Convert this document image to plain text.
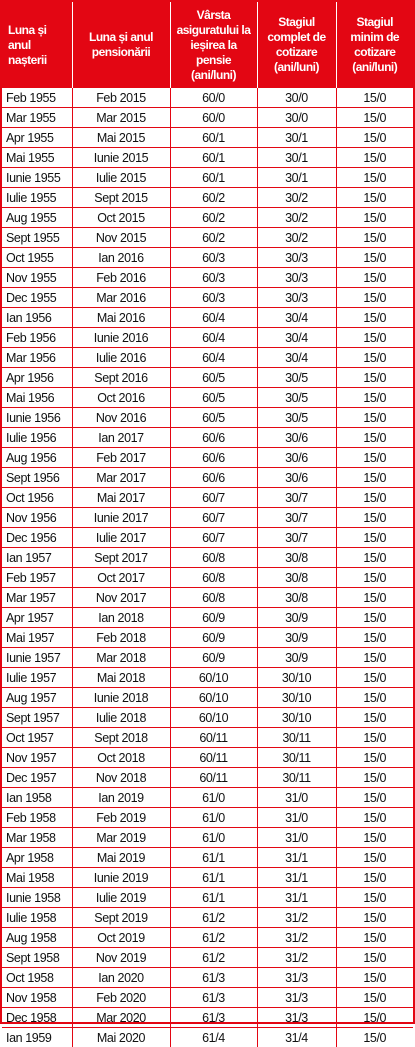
Luna și anul nașterii	Luna și anul pensionării	Vârsta asiguratului la ieșirea la pensie (ani/luni)	Stagiul complet de cotizare (ani/luni)	Stagiul minim de cotizare (ani/luni)
Feb 1955	Feb 2015	60/0	30/0	15/0
Mar 1955	Mar 2015	60/0	30/0	15/0
Apr 1955	Mai 2015	60/1	30/1	15/0
Mai 1955	Iunie 2015	60/1	30/1	15/0
Iunie 1955	Iulie 2015	60/1	30/1	15/0
Iulie 1955	Sept 2015	60/2	30/2	15/0
Aug 1955	Oct 2015	60/2	30/2	15/0
Sept 1955	Nov 2015	60/2	30/2	15/0
Oct 1955	Ian 2016	60/3	30/3	15/0
Nov 1955	Feb 2016	60/3	30/3	15/0
Dec 1955	Mar 2016	60/3	30/3	15/0
Ian 1956	Mai 2016	60/4	30/4	15/0
Feb 1956	Iunie 2016	60/4	30/4	15/0
Mar 1956	Iulie 2016	60/4	30/4	15/0
Apr 1956	Sept 2016	60/5	30/5	15/0
Mai 1956	Oct 2016	60/5	30/5	15/0
Iunie 1956	Nov 2016	60/5	30/5	15/0
Iulie 1956	Ian 2017	60/6	30/6	15/0
Aug 1956	Feb 2017	60/6	30/6	15/0
Sept 1956	Mar 2017	60/6	30/6	15/0
Oct 1956	Mai 2017	60/7	30/7	15/0
Nov 1956	Iunie 2017	60/7	30/7	15/0
Dec 1956	Iulie 2017	60/7	30/7	15/0
Ian 1957	Sept 2017	60/8	30/8	15/0
Feb 1957	Oct 2017	60/8	30/8	15/0
Mar 1957	Nov 2017	60/8	30/8	15/0
Apr 1957	Ian 2018	60/9	30/9	15/0
Mai 1957	Feb 2018	60/9	30/9	15/0
Iunie 1957	Mar 2018	60/9	30/9	15/0
Iulie 1957	Mai 2018	60/10	30/10	15/0
Aug 1957	Iunie 2018	60/10	30/10	15/0
Sept 1957	Iulie 2018	60/10	30/10	15/0
Oct 1957	Sept 2018	60/11	30/11	15/0
Nov 1957	Oct 2018	60/11	30/11	15/0
Dec 1957	Nov 2018	60/11	30/11	15/0
Ian 1958	Ian 2019	61/0	31/0	15/0
Feb 1958	Feb 2019	61/0	31/0	15/0
Mar 1958	Mar 2019	61/0	31/0	15/0
Apr 1958	Mai 2019	61/1	31/1	15/0
Mai 1958	Iunie 2019	61/1	31/1	15/0
Iunie 1958	Iulie 2019	61/1	31/1	15/0
Iulie 1958	Sept 2019	61/2	31/2	15/0
Aug 1958	Oct 2019	61/2	31/2	15/0
Sept 1958	Nov 2019	61/2	31/2	15/0
Oct 1958	Ian 2020	61/3	31/3	15/0
Nov 1958	Feb 2020	61/3	31/3	15/0
Dec 1958	Mar 2020	61/3	31/3	15/0
Ian 1959	Mai 2020	61/4	31/4	15/0
